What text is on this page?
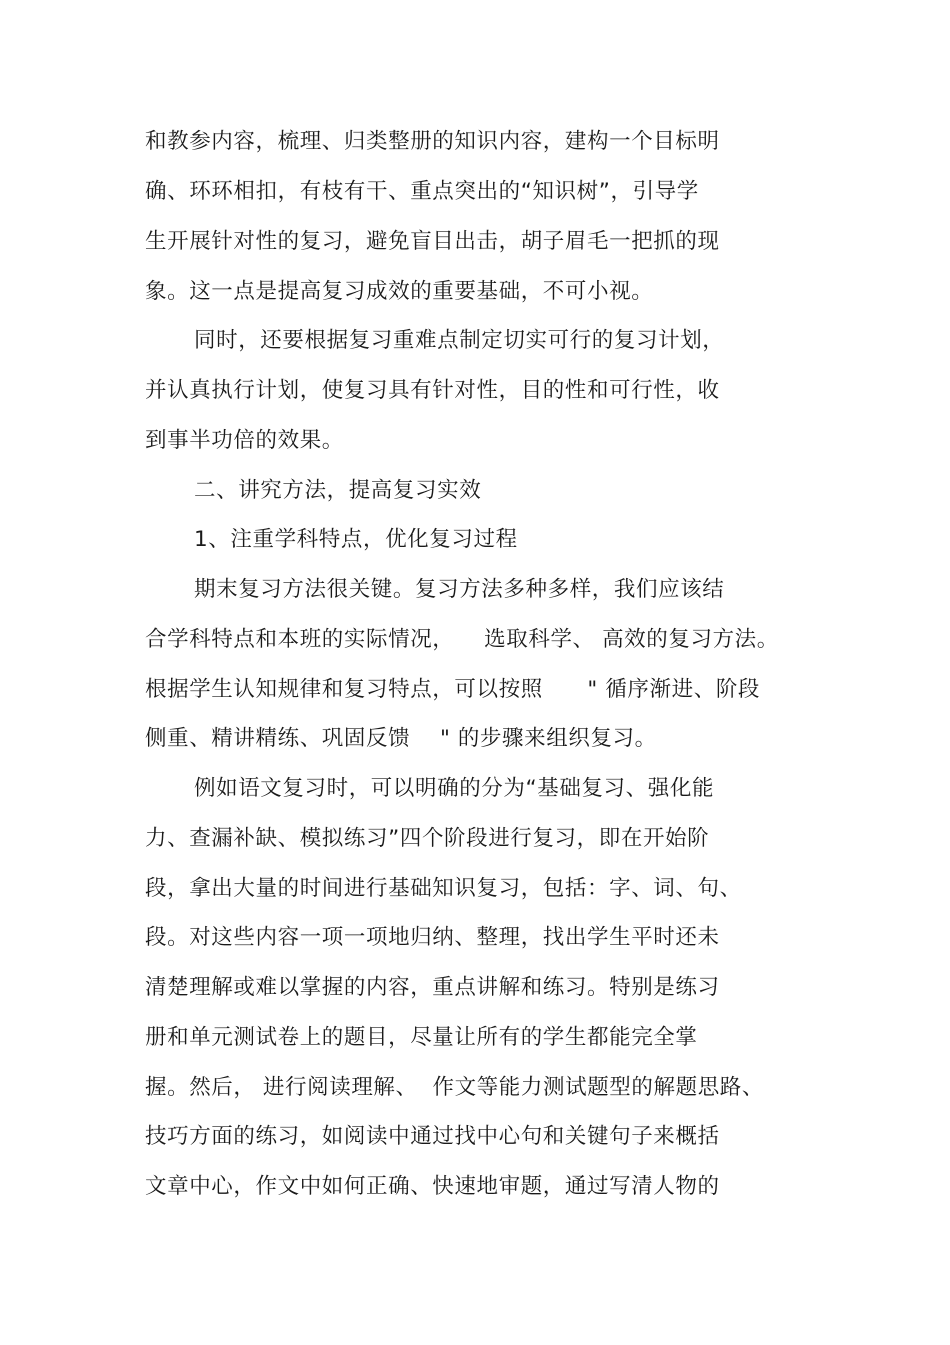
和教参内容，梳理、归类整册的知识内容，建构一个目标明
确、环环相扣，有枝有干、重点突出的“知识树”，引导学
生开展针对性的复习，避免盲目出击，胡子眉毛一把抓的现
象。这一点是提高复习成效的重要基础，不可小视。
同时，还要根据复习重难点制定切实可行的复习计划，
并认真执行计划，使复习具有针对性，目的性和可行性，收
到事半功倍的效果。
二、讲究方法，提高复习实效
1、注重学科特点，优化复习过程
期末复习方法很关键。复习方法多种多样，我们应该结
合学科特点和本班的实际情况，    选取科学、 高效的复习方法。
根据学生认知规律和复习特点，可以按照      " 循序渐进、阶段
侧重、精讲精练、巩固反馈    " 的步骤来组织复习。
例如语文复习时，可以明确的分为“基础复习、强化能
力、查漏补缺、模拟练习”四个阶段进行复习，即在开始阶
段，拿出大量的时间进行基础知识复习，包括：字、词、句、
段。对这些内容一项一项地归纳、整理，找出学生平时还未
清楚理解或难以掌握的内容，重点讲解和练习。特别是练习
册和单元测试卷上的题目，尽量让所有的学生都能完全掌
握。然后， 进行阅读理解、  作文等能力测试题型的解题思路、
技巧方面的练习，如阅读中通过找中心句和关键句子来概括
文章中心，作文中如何正确、快速地审题，通过写清人物的
